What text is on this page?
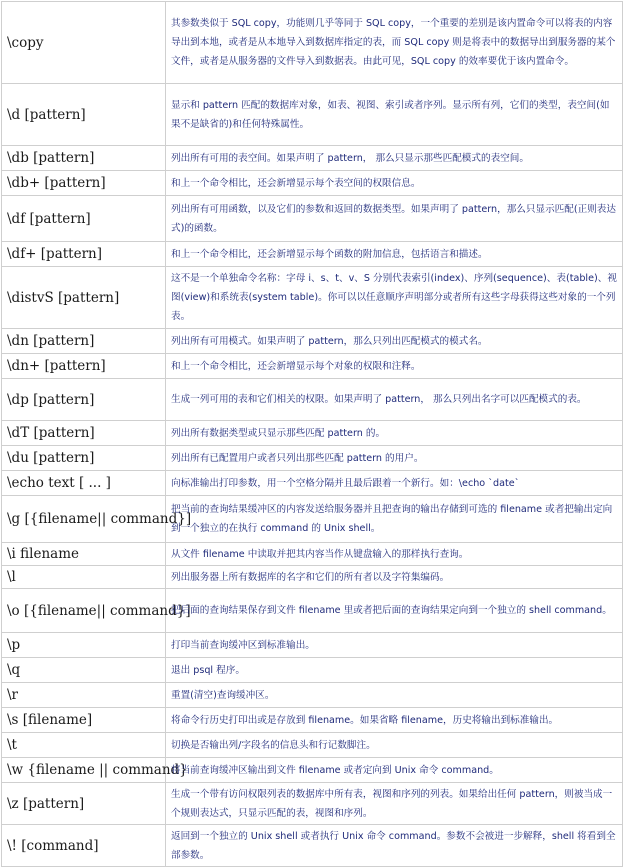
\copy	其参数类似于 SQL copy，功能则几乎等同于 SQL copy，一个重要的差别是该内置命令可以将表的内容导出到本地，或者是从本地导入到数据库指定的表，而 SQL copy 则是将表中的数据导出到服务器的某个文件，或者是从服务器的文件导入到数据表。由此可见，SQL copy 的效率要优于该内置命令。
\d [pattern]	显示和 pattern 匹配的数据库对象，如表、视图、索引或者序列。显示所有列，它们的类型，表空间(如果不是缺省的)和任何特殊属性。
\db [pattern]	列出所有可用的表空间。如果声明了 pattern， 那么只显示那些匹配模式的表空间。
\db+ [pattern]	和上一个命令相比，还会新增显示每个表空间的权限信息。
\df [pattern]	列出所有可用函数，以及它们的参数和返回的数据类型。如果声明了 pattern，那么只显示匹配(正则表达式)的函数。
\df+ [pattern]	和上一个命令相比，还会新增显示每个函数的附加信息，包括语言和描述。
\distvS [pattern]	这不是一个单独命令名称：字母 i、s、t、v、S 分别代表索引(index)、序列(sequence)、表(table)、视图(view)和系统表(system table)。你可以以任意顺序声明部分或者所有这些字母获得这些对象的一个列表。
\dn [pattern]	列出所有可用模式。如果声明了 pattern，那么只列出匹配模式的模式名。
\dn+ [pattern]	和上一个命令相比，还会新增显示每个对象的权限和注释。
\dp [pattern]	生成一列可用的表和它们相关的权限。如果声明了 pattern， 那么只列出名字可以匹配模式的表。
\dT [pattern]	列出所有数据类型或只显示那些匹配 pattern 的。
\du [pattern]	列出所有已配置用户或者只列出那些匹配 pattern 的用户。
\echo text [ ... ]	向标准输出打印参数，用一个空格分隔并且最后跟着一个新行。如：\echo `date`
\g [{filename|| command}]	把当前的查询结果缓冲区的内容发送给服务器并且把查询的输出存储到可选的 filename 或者把输出定向到一个独立的在执行 command 的 Unix shell。
\i filename	从文件 filename 中读取并把其内容当作从键盘输入的那样执行查询。
\l	列出服务器上所有数据库的名字和它们的所有者以及字符集编码。
\o [{filename|| command}]	把后面的查询结果保存到文件 filename 里或者把后面的查询结果定向到一个独立的 shell command。
\p	打印当前查询缓冲区到标准输出。
\q	退出 psql 程序。
\r	重置(清空)查询缓冲区。
\s [filename]	将命令行历史打印出或是存放到 filename。如果省略 filename，历史将输出到标准输出。
\t	切换是否输出列/字段名的信息头和行记数脚注。
\w {filename || command}	将当前查询缓冲区输出到文件 filename 或者定向到 Unix 命令 command。
\z [pattern]	生成一个带有访问权限列表的数据库中所有表，视图和序列的列表。如果给出任何 pattern，则被当成一个规则表达式，只显示匹配的表，视图和序列。
\! [command]	返回到一个独立的 Unix shell 或者执行 Unix 命令 command。参数不会被进一步解释，shell 将看到全部参数。
